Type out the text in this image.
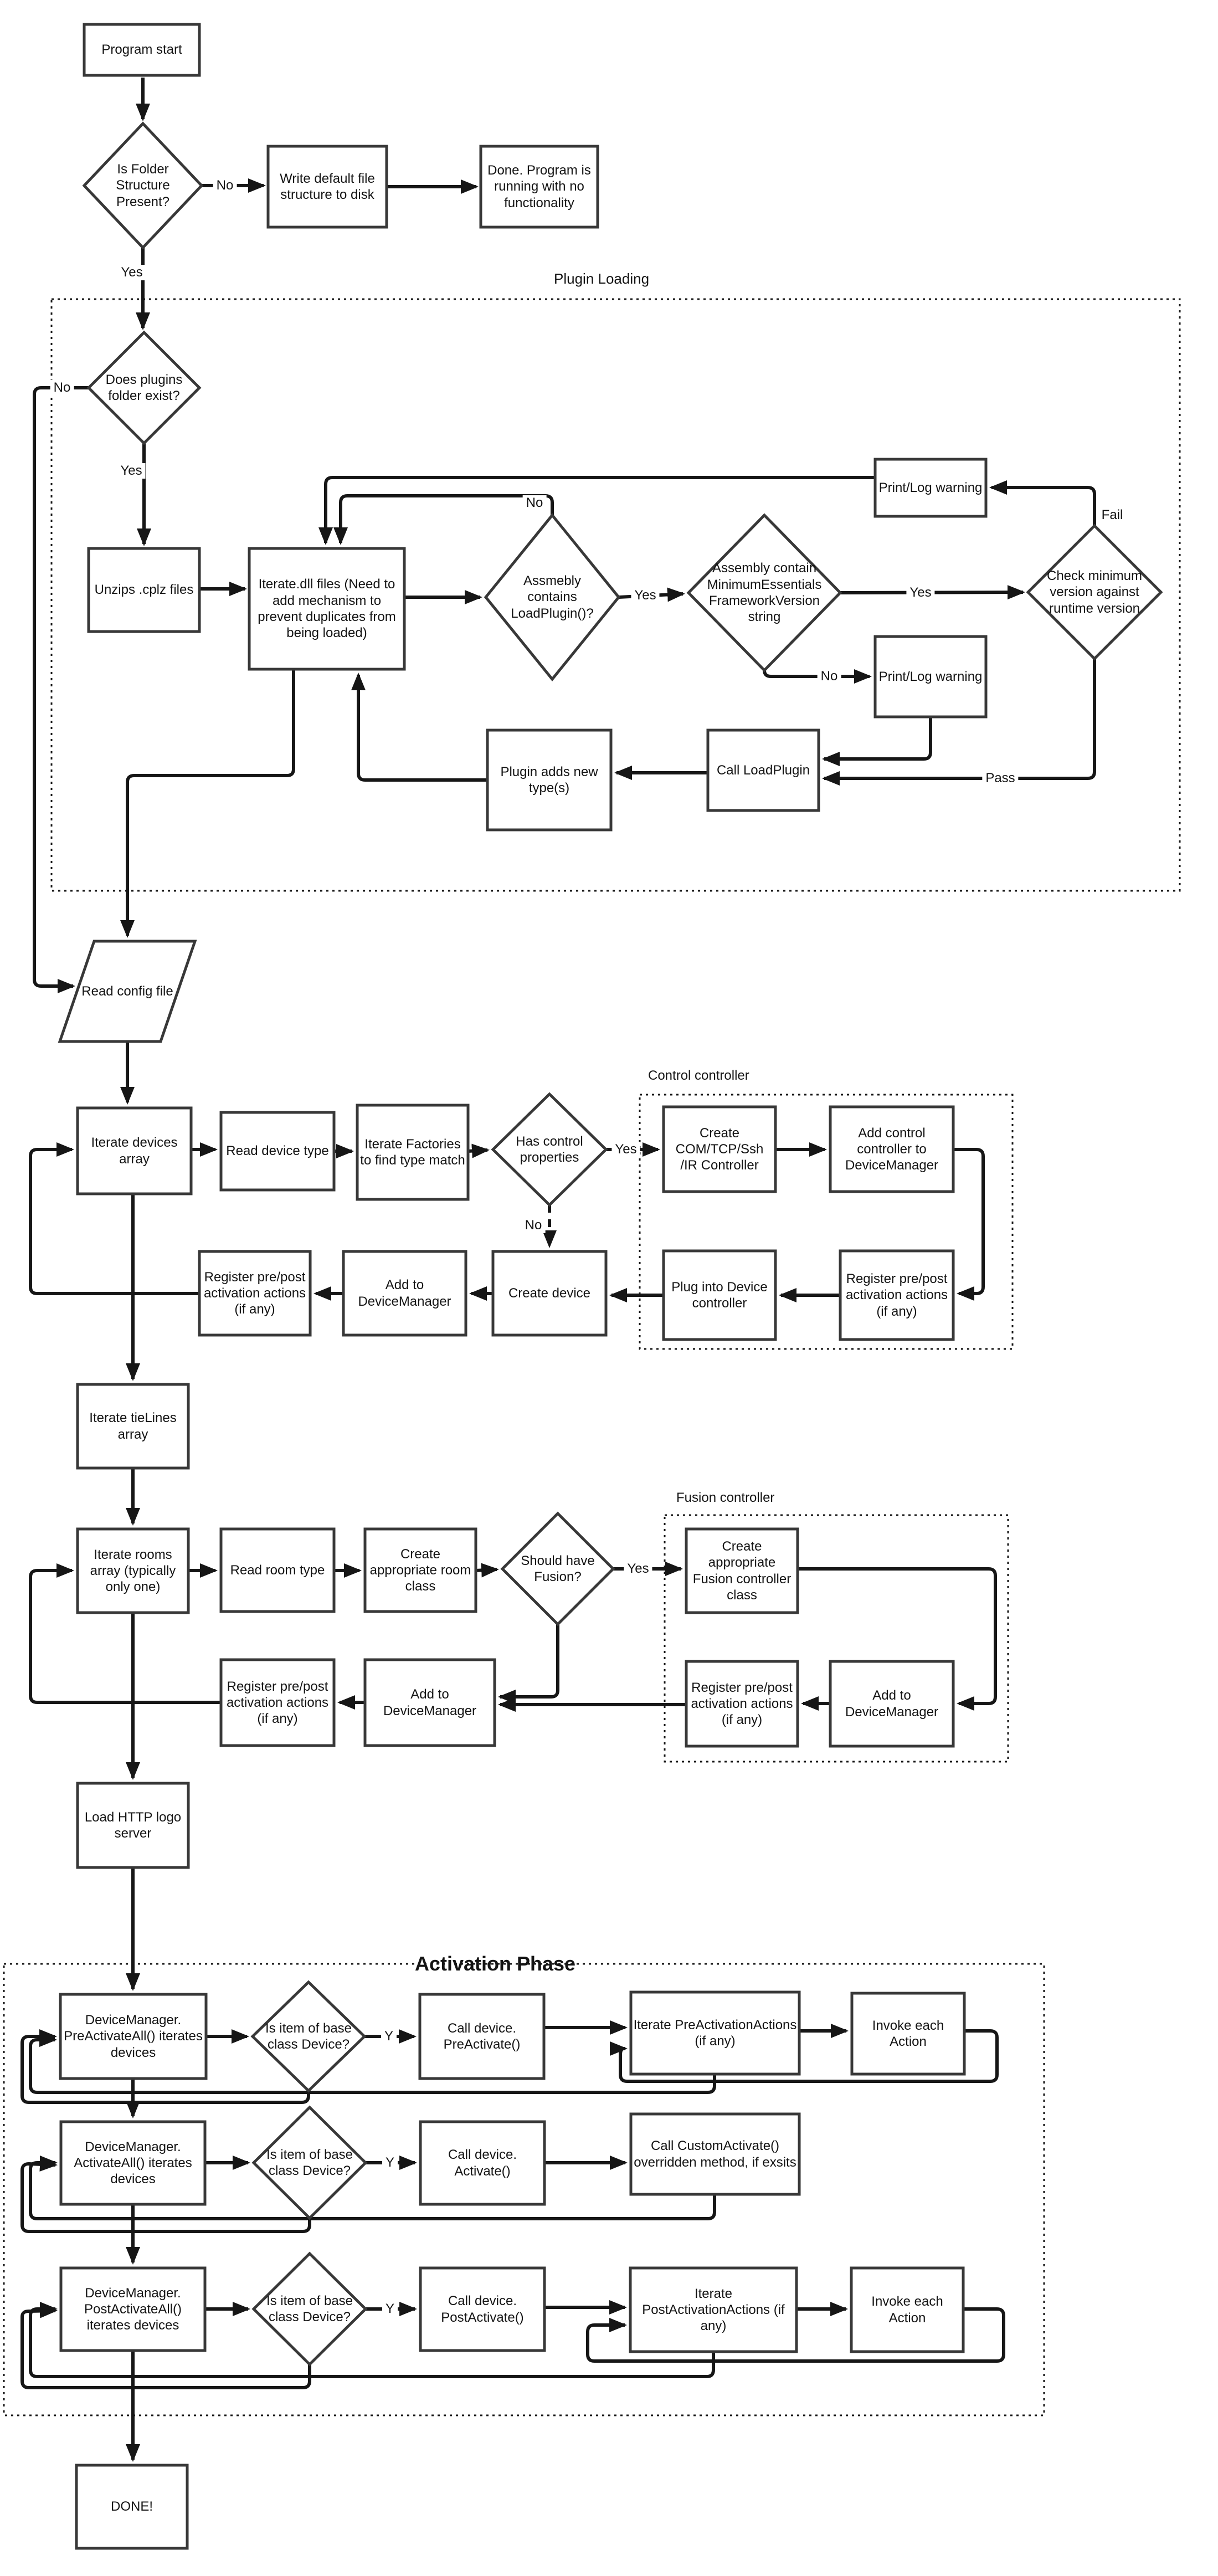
Plugin Loading
Control controller
Fusion controller
Activation Phase
Program start
Is Folder Structure Present?
Write default file structure to disk
Done. Program is running with no functionality
Does plugins folder exist?
Unzips .cplz files	Iterate.dll files (Need to add mechanism to prevent duplicates from being loaded)
Assmebly contains LoadPlugin()?
Assembly contain MinimumEssentialsFrameworkVersion string
Check minimum version against runtime version
Print/Log warning
Print/Log warning
Call LoadPlugin
Plugin adds new type(s)
Read config file
Iterate devices array
Read device type	Iterate Factories to find type match
Has control properties
Create COM/TCP/Ssh /IR Controller
Add control controller to DeviceManager
Register pre/post activation actions (if any)
Plug into Device controller
Create device
Add to DeviceManager
Register pre/post activation actions (if any)
Iterate tieLines array
Iterate rooms array (typically only one)
Read room type
Create appropriate room class
Should have Fusion?
Create appropriate Fusion controller class
Add to DeviceManager
Register pre/post activation actions (if any)
Add to DeviceManager
Register pre/post activation actions (if any)
Load HTTP logo server
DeviceManager. PreActivateAll() iterates devices
Is item of base class Device?
Call device. PreActivate()
Iterate PreActivationActions (if any)
Invoke each Action
DeviceManager. ActivateAll() iterates devices
Is item of base class Device?
Call device. Activate()
Call CustomActivate() overridden method, if exsits
DeviceManager. PostActivateAll() iterates devices
Is item of base class Device?
Call device. PostActivate()
Iterate PostActivationActions (if any)
Invoke each Action
DONE!
No
Yes
No
Yes
No
Yes	Yes
Fail
No
Pass
Yes
No
Yes
Y
Y
Y
